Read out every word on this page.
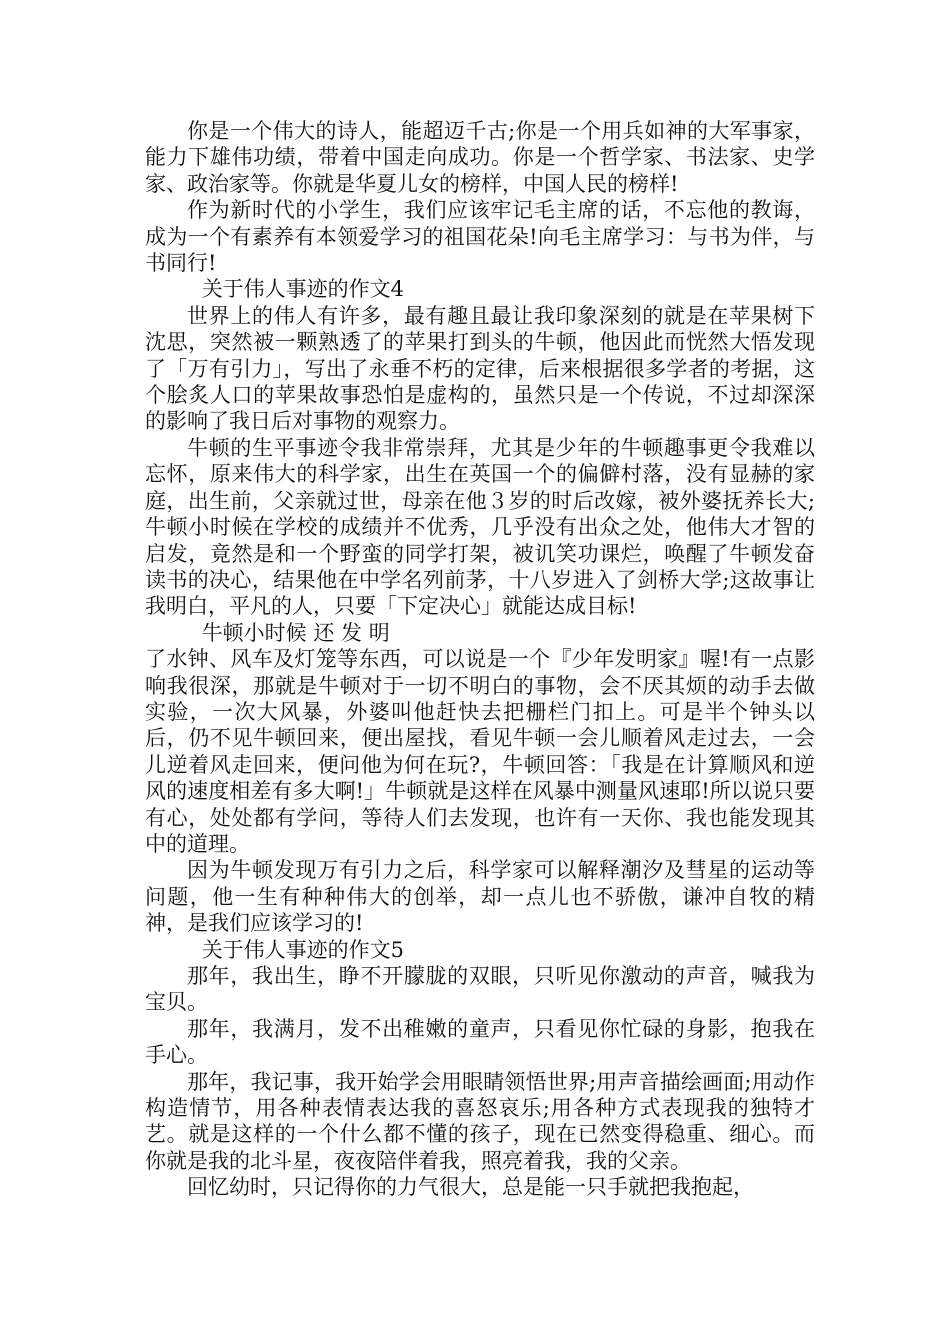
你是一个伟大的诗人，能超迈千古;你是一个用兵如神的大军事家，能力下雄伟功绩，带着中国走向成功。你是一个哲学家、书法家、史学家、政治家等。你就是华夏儿女的榜样，中国人民的榜样!

作为新时代的小学生，我们应该牢记毛主席的话，不忘他的教诲，成为一个有素养有本领爱学习的祖国花朵!向毛主席学习：与书为伴，与书同行!

关于伟人事迹的作文4

世界上的伟人有许多，最有趣且最让我印象深刻的就是在苹果树下沈思，突然被一颗熟透了的苹果打到头的牛顿，他因此而恍然大悟发现了「万有引力」，写出了永垂不朽的定律，后来根据很多学者的考据，这个脍炙人口的苹果故事恐怕是虚构的，虽然只是一个传说，不过却深深的影响了我日后对事物的观察力。

牛顿的生平事迹令我非常崇拜，尤其是少年的牛顿趣事更令我难以忘怀，原来伟大的科学家，出生在英国一个的偏僻村落，没有显赫的家庭，出生前，父亲就过世，母亲在他３岁的时后改嫁，被外婆抚养长大;牛顿小时候在学校的成绩并不优秀，几乎没有出众之处，他伟大才智的启发，竟然是和一个野蛮的同学打架，被讥笑功课烂，唤醒了牛顿发奋读书的决心，结果他在中学名列前茅，十八岁进入了剑桥大学;这故事让我明白，平凡的人，只要「下定决心」就能达成目标!

牛顿小时候 还 发 明

了水钟、风车及灯笼等东西，可以说是一个『少年发明家』喔!有一点影响我很深，那就是牛顿对于一切不明白的事物，会不厌其烦的动手去做实验，一次大风暴，外婆叫他赶快去把栅栏门扣上。可是半个钟头以后，仍不见牛顿回来，便出屋找，看见牛顿一会儿顺着风走过去，一会儿逆着风走回来，便问他为何在玩?，牛顿回答：「我是在计算顺风和逆风的速度相差有多大啊!」牛顿就是这样在风暴中测量风速耶!所以说只要有心，处处都有学问，等待人们去发现，也许有一天你、我也能发现其中的道理。

因为牛顿发现万有引力之后，科学家可以解释潮汐及彗星的运动等问题，他一生有种种伟大的创举，却一点儿也不骄傲，谦冲自牧的精神，是我们应该学习的!

关于伟人事迹的作文5

那年，我出生，睁不开朦胧的双眼，只听见你激动的声音，喊我为宝贝。

那年，我满月，发不出稚嫩的童声，只看见你忙碌的身影，抱我在手心。

那年，我记事，我开始学会用眼睛领悟世界;用声音描绘画面;用动作构造情节，用各种表情表达我的喜怒哀乐;用各种方式表现我的独特才艺。就是这样的一个什么都不懂的孩子，现在已然变得稳重、细心。而你就是我的北斗星，夜夜陪伴着我，照亮着我，我的父亲。

回忆幼时，只记得你的力气很大，总是能一只手就把我抱起，
